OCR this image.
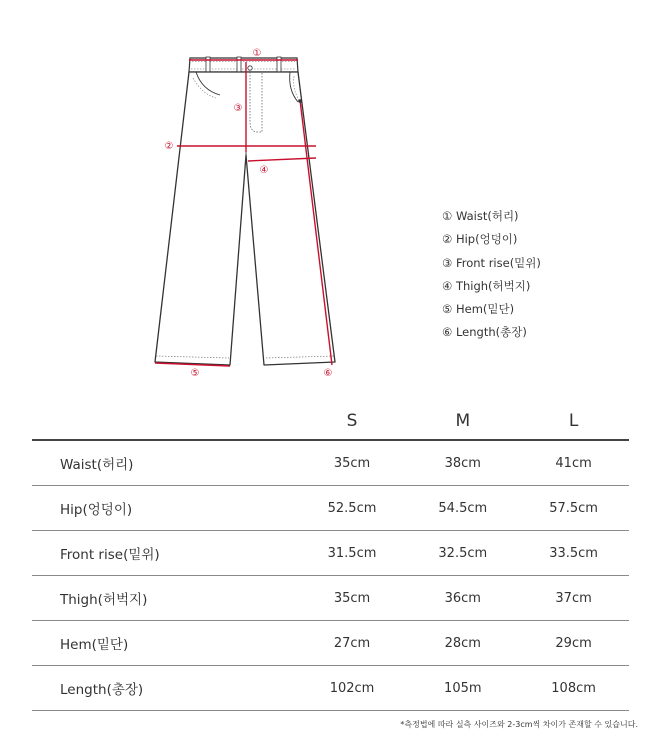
①
②
③
④
⑤	⑥
① Waist(허리)
② Hip(엉덩이)
③ Front rise(밑위)
④ Thigh(허벅지)
⑤ Hem(밑단)
⑥ Length(총장)
	S	M	L
Waist(허리)	35cm	38cm	41cm
Hip(엉덩이)	52.5cm	54.5cm	57.5cm
Front rise(밑위)	31.5cm	32.5cm	33.5cm
Thigh(허벅지)	35cm	36cm	37cm
Hem(밑단)	27cm	28cm	29cm
Length(총장)	102cm	105m	108cm
*측정법에 따라 실측 사이즈와 2-3cm씩 차이가 존재할 수 있습니다.
